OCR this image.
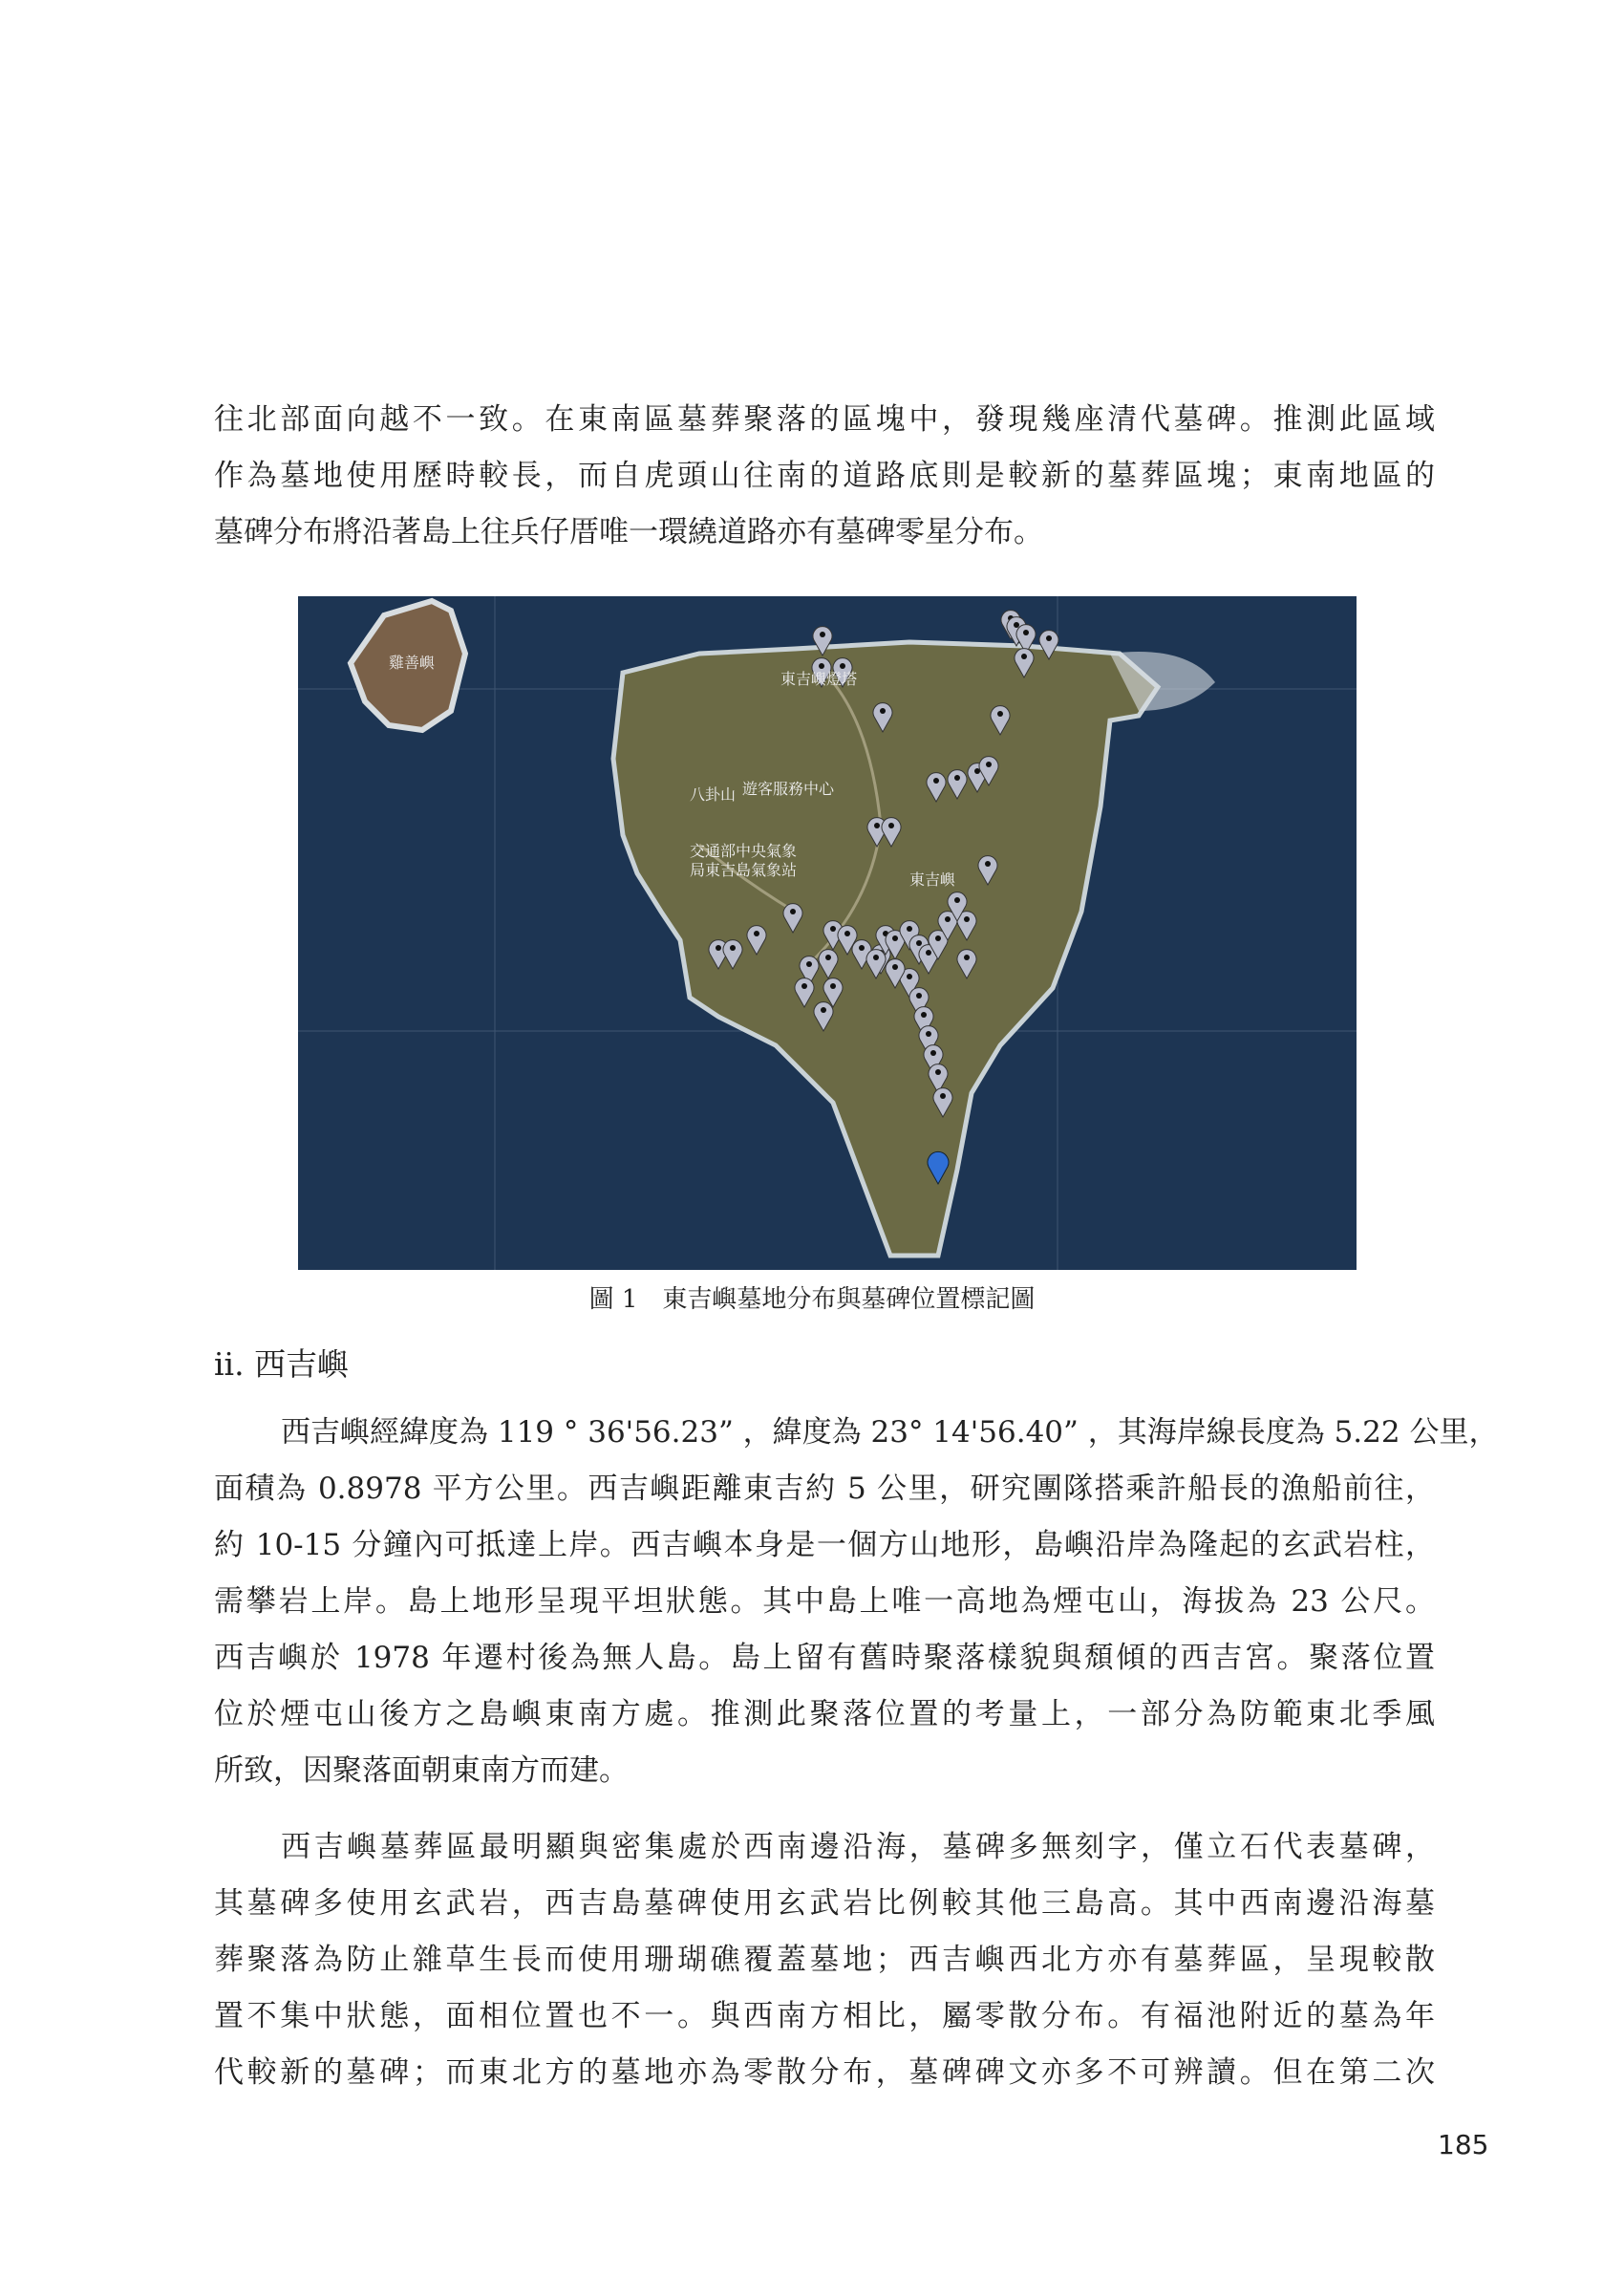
往北部面向越不一致。在東南區墓葬聚落的區塊中，發現幾座清代墓碑。推測此區域
作為墓地使用歷時較長，而自虎頭山往南的道路底則是較新的墓葬區塊；東南地區的
墓碑分布將沿著島上往兵仔厝唯一環繞道路亦有墓碑零星分布。
雞善嶼
東吉嶼燈塔
八卦山 遊客服務中心
交通部中央氣象
局東吉島氣象站
東吉嶼
圖 1　東吉嶼墓地分布與墓碑位置標記圖
ii. 西吉嶼
西吉嶼經緯度為 119 ° 36'56.23” ，緯度為 23° 14'56.40” ，其海岸線長度為 5.22 公里，
面積為 0.8978 平方公里。西吉嶼距離東吉約 5 公里，研究團隊搭乘許船長的漁船前往，
約 10-15 分鐘內可抵達上岸。西吉嶼本身是一個方山地形，島嶼沿岸為隆起的玄武岩柱，
需攀岩上岸。島上地形呈現平坦狀態。其中島上唯一高地為煙屯山，海拔為 23 公尺。
西吉嶼於 1978 年遷村後為無人島。島上留有舊時聚落樣貌與頹傾的西吉宮。聚落位置
位於煙屯山後方之島嶼東南方處。推測此聚落位置的考量上，一部分為防範東北季風
所致，因聚落面朝東南方而建。
西吉嶼墓葬區最明顯與密集處於西南邊沿海，墓碑多無刻字，僅立石代表墓碑，
其墓碑多使用玄武岩，西吉島墓碑使用玄武岩比例較其他三島高。其中西南邊沿海墓
葬聚落為防止雜草生長而使用珊瑚礁覆蓋墓地；西吉嶼西北方亦有墓葬區，呈現較散
置不集中狀態，面相位置也不一。與西南方相比，屬零散分布。有福池附近的墓為年
代較新的墓碑；而東北方的墓地亦為零散分布，墓碑碑文亦多不可辨讀。但在第二次
185
